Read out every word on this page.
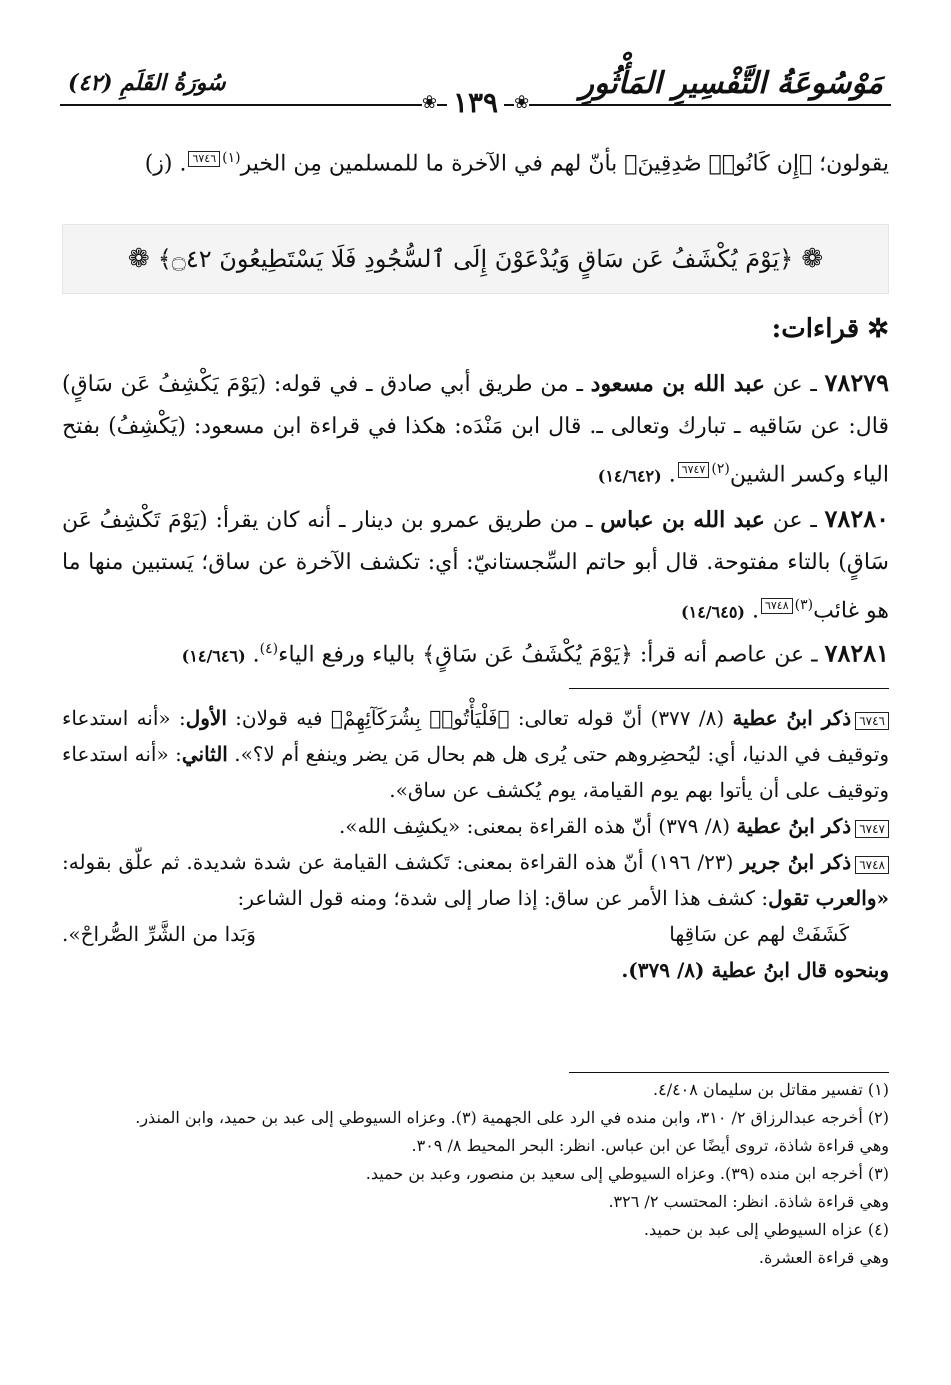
مَوْسُوعَةُ التَّفْسِيرِ المَأْثُورِ
❀
١٣٩
❀
سُورَةُ القَلَمِ (٤٢)
يقولون؛ ﴿إِن كَانُوا۟ صَٰدِقِينَ﴾ بأنّ لهم في الآخرة ما للمسلمين مِن الخير$^{(١)}$٦٧٤٦. (ز)
❁
﴿يَوْمَ يُكْشَفُ عَن سَاقٍ وَيُدْعَوْنَ إِلَى ٱلسُّجُودِ فَلَا يَسْتَطِيعُونَ ۝٤٢﴾
❁
✲
قراءات:
٧٨٢٧٩ ـ عن عبد الله بن مسعود ـ من طريق أبي صادق ـ في قوله: (يَوْمَ يَكْشِفُ عَن سَاقٍ) قال: عن سَاقيه ـ تبارك وتعالى ـ. قال ابن مَنْدَه: هكذا في قراءة ابن مسعود: (يَكْشِفُ) بفتح الياء وكسر الشين$^{(٢)}$٦٧٤٧. (١٤/٦٤٢)
٧٨٢٨٠ ـ عن عبد الله بن عباس ـ من طريق عمرو بن دينار ـ أنه كان يقرأ: (يَوْمَ تَكْشِفُ عَن سَاقٍ) بالتاء مفتوحة. قال أبو حاتم السِّجستانيّ: أي: تكشف الآخرة عن ساق؛ يَستبين منها ما هو غائب$^{(٣)}$٦٧٤٨. (١٤/٦٤٥)
٧٨٢٨١ ـ عن عاصم أنه قرأ: ﴿يَوْمَ يُكْشَفُ عَن سَاقٍ﴾ بالياء ورفع الياء$^{(٤)}$. (١٤/٦٤٦)
٦٧٤٦ذكر ابنُ عطية (٨/ ٣٧٧) أنّ قوله تعالى: ﴿فَلْيَأْتُوا۟ بِشُرَكَآئِهِمْ﴾ فيه قولان: الأول: «أنه استدعاء وتوقيف في الدنيا، أي: ليُحضِروهم حتى يُرى هل هم بحال مَن يضر وينفع أم لا؟». الثاني: «أنه استدعاء وتوقيف على أن يأتوا بهم يوم القيامة، يوم يُكشف عن ساق».
٦٧٤٧ذكر ابنُ عطية (٨/ ٣٧٩) أنّ هذه القراءة بمعنى: «يكشِف الله».
٦٧٤٨ذكر ابنُ جرير (٢٣/ ١٩٦) أنّ هذه القراءة بمعنى: تَكشف القيامة عن شدة شديدة. ثم علّق بقوله: «والعرب تقول: كشف هذا الأمر عن ساق: إذا صار إلى شدة؛ ومنه قول الشاعر:
كَشَفَتْ لهم عن سَاقِها
وَبَدا من الشَّرِّ الصُّراحْ».
وبنحوه قال ابنُ عطية (٨/ ٣٧٩).
(١) تفسير مقاتل بن سليمان ٤/٤٠٨.
(٢) أخرجه عبدالرزاق ٢/ ٣١٠، وابن منده في الرد على الجهمية (٣). وعزاه السيوطي إلى عبد بن حميد، وابن المنذر.
وهي قراءة شاذة، تروى أيضًا عن ابن عباس. انظر: البحر المحيط ٨/ ٣٠٩.
(٣) أخرجه ابن منده (٣٩). وعزاه السيوطي إلى سعيد بن منصور، وعبد بن حميد.
وهي قراءة شاذة. انظر: المحتسب ٢/ ٣٢٦.
(٤) عزاه السيوطي إلى عبد بن حميد.
وهي قراءة العشرة.
